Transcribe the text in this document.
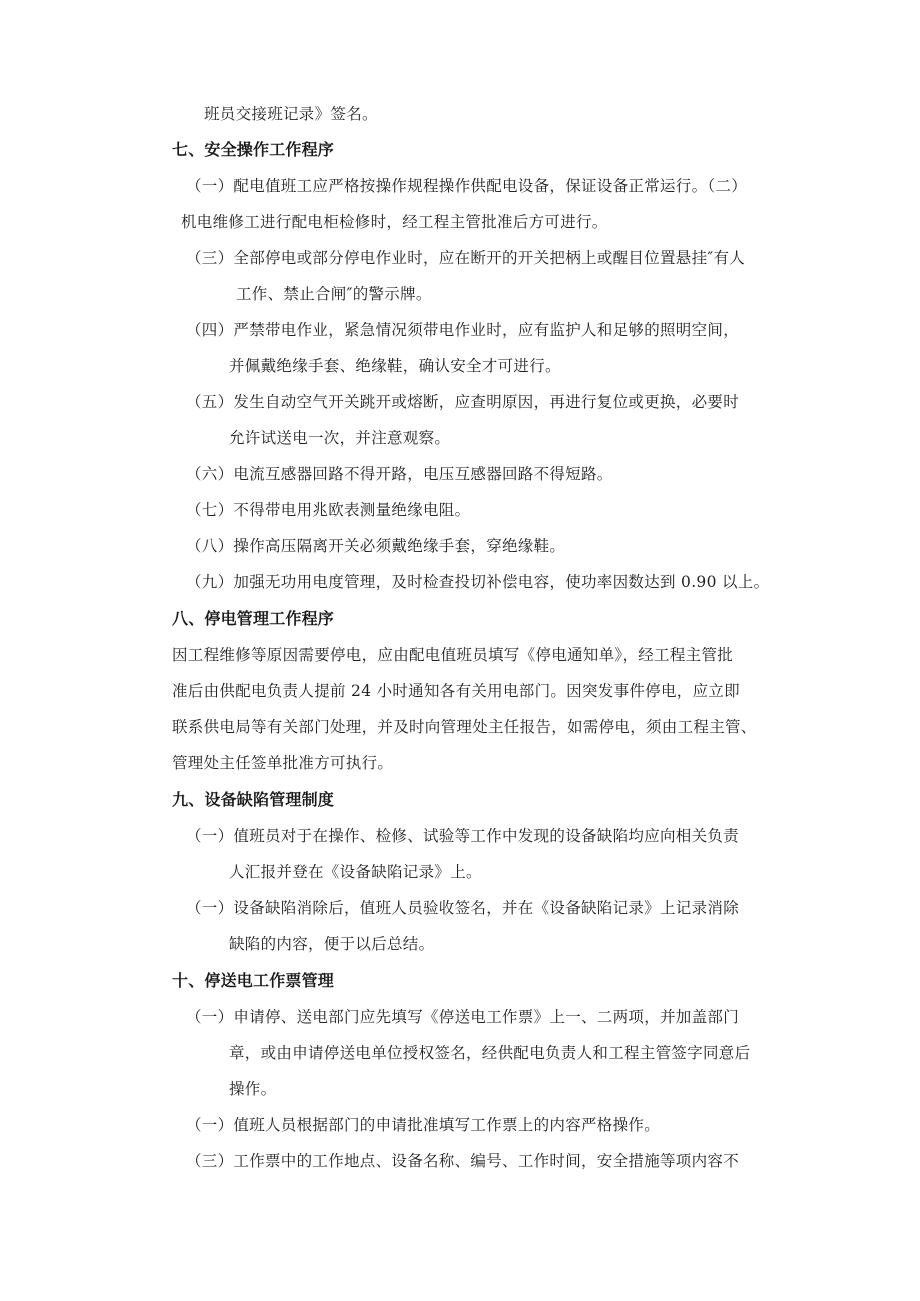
班员交接班记录》签名。
七、安全操作工作程序
（一）配电值班工应严格按操作规程操作供配电设备，保证设备正常运行。（二）
机电维修工进行配电柜检修时，经工程主管批准后方可进行。
（三）全部停电或部分停电作业时，应在断开的开关把柄上或醒目位置悬挂″有人
工作、禁止合闸″的警示牌。
（四）严禁带电作业，紧急情况须带电作业时，应有监护人和足够的照明空间，
并佩戴绝缘手套、绝缘鞋，确认安全才可进行。
（五）发生自动空气开关跳开或熔断，应查明原因，再进行复位或更换，必要时
允许试送电一次，并注意观察。
（六）电流互感器回路不得开路，电压互感器回路不得短路。
（七）不得带电用兆欧表测量绝缘电阻。
（八）操作高压隔离开关必须戴绝缘手套，穿绝缘鞋。
（九）加强无功用电度管理，及时检查投切补偿电容，使功率因数达到 0.90 以上。
八、停电管理工作程序
因工程维修等原因需要停电，应由配电值班员填写《停电通知单》，经工程主管批
准后由供配电负责人提前 24 小时通知各有关用电部门。因突发事件停电，应立即
联系供电局等有关部门处理，并及时向管理处主任报告，如需停电，须由工程主管、
管理处主任签单批准方可执行。
九、设备缺陷管理制度
（一）值班员对于在操作、检修、试验等工作中发现的设备缺陷均应向相关负责
人汇报并登在《设备缺陷记录》上。
（一）设备缺陷消除后，值班人员验收签名，并在《设备缺陷记录》上记录消除
缺陷的内容，便于以后总结。
十、停送电工作票管理
（一）申请停、送电部门应先填写《停送电工作票》上一、二两项，并加盖部门
章，或由申请停送电单位授权签名，经供配电负责人和工程主管签字同意后
操作。
（一）值班人员根据部门的申请批准填写工作票上的内容严格操作。
（三）工作票中的工作地点、设备名称、编号、工作时间，安全措施等项内容不
